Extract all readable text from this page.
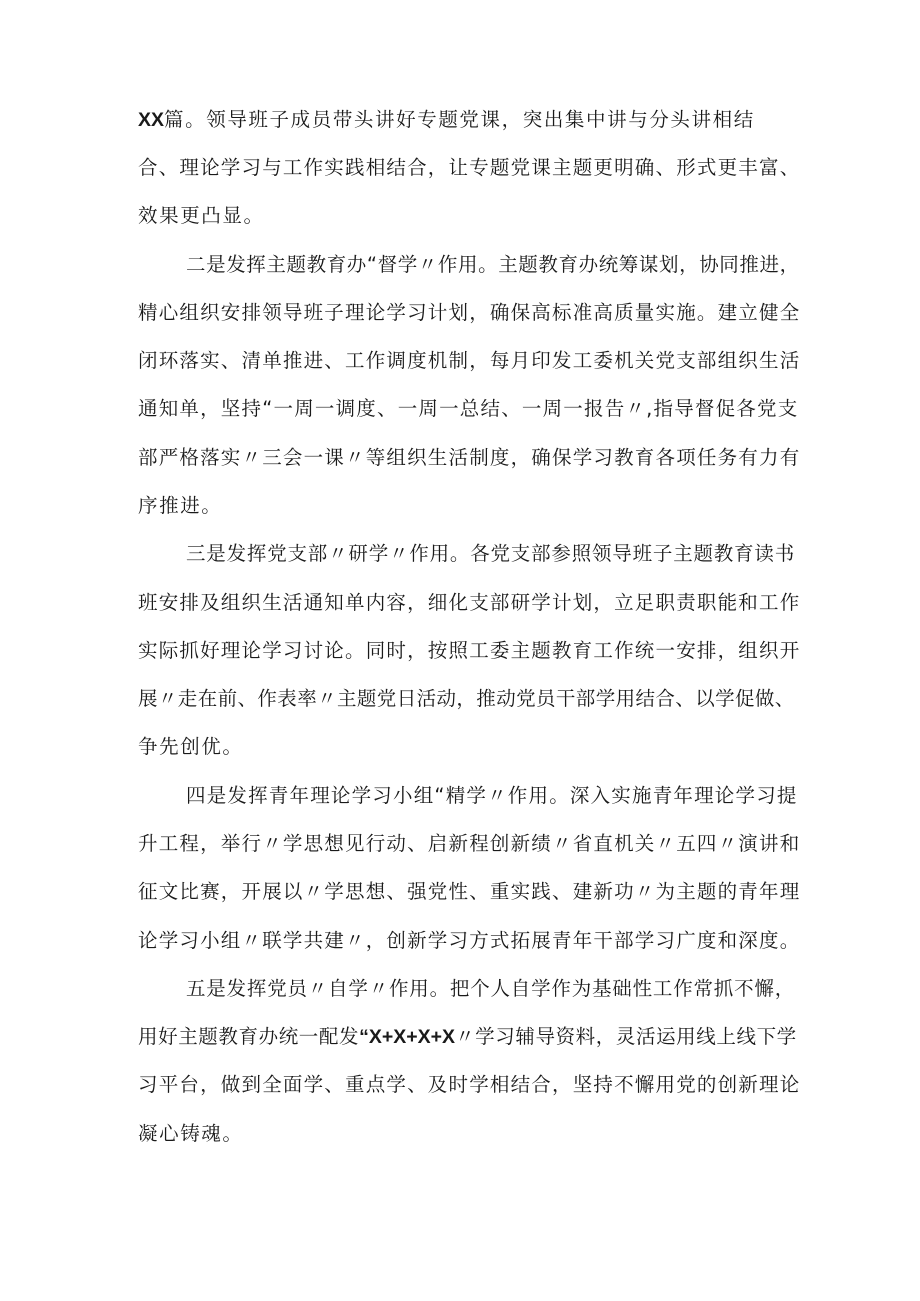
XX篇。领导班子成员带头讲好专题党课，突出集中讲与分头讲相结
合、理论学习与工作实践相结合，让专题党课主题更明确、形式更丰富、
效果更凸显。
二是发挥主题教育办“督学〃作用。主题教育办统筹谋划，协同推进，
精心组织安排领导班子理论学习计划，确保高标准高质量实施。建立健全
闭环落实、清单推进、工作调度机制，每月印发工委机关党支部组织生活
通知单，坚持“一周一调度、一周一总结、一周一报告〃,指导督促各党支
部严格落实〃三会一课〃等组织生活制度，确保学习教育各项任务有力有
序推进。
三是发挥党支部〃研学〃作用。各党支部参照领导班子主题教育读书
班安排及组织生活通知单内容，细化支部研学计划，立足职责职能和工作
实际抓好理论学习讨论。同时，按照工委主题教育工作统一安排，组织开
展〃走在前、作表率〃主题党日活动，推动党员干部学用结合、以学促做、
争先创优。
四是发挥青年理论学习小组“精学〃作用。深入实施青年理论学习提
升工程，举行〃学思想见行动、启新程创新绩〃省直机关〃五四〃演讲和
征文比赛，开展以〃学思想、强党性、重实践、建新功〃为主题的青年理
论学习小组〃联学共建〃，创新学习方式拓展青年干部学习广度和深度。
五是发挥党员〃自学〃作用。把个人自学作为基础性工作常抓不懈，
用好主题教育办统一配发“X+X+X+X〃学习辅导资料，灵活运用线上线下学
习平台，做到全面学、重点学、及时学相结合，坚持不懈用党的创新理论
凝心铸魂。
